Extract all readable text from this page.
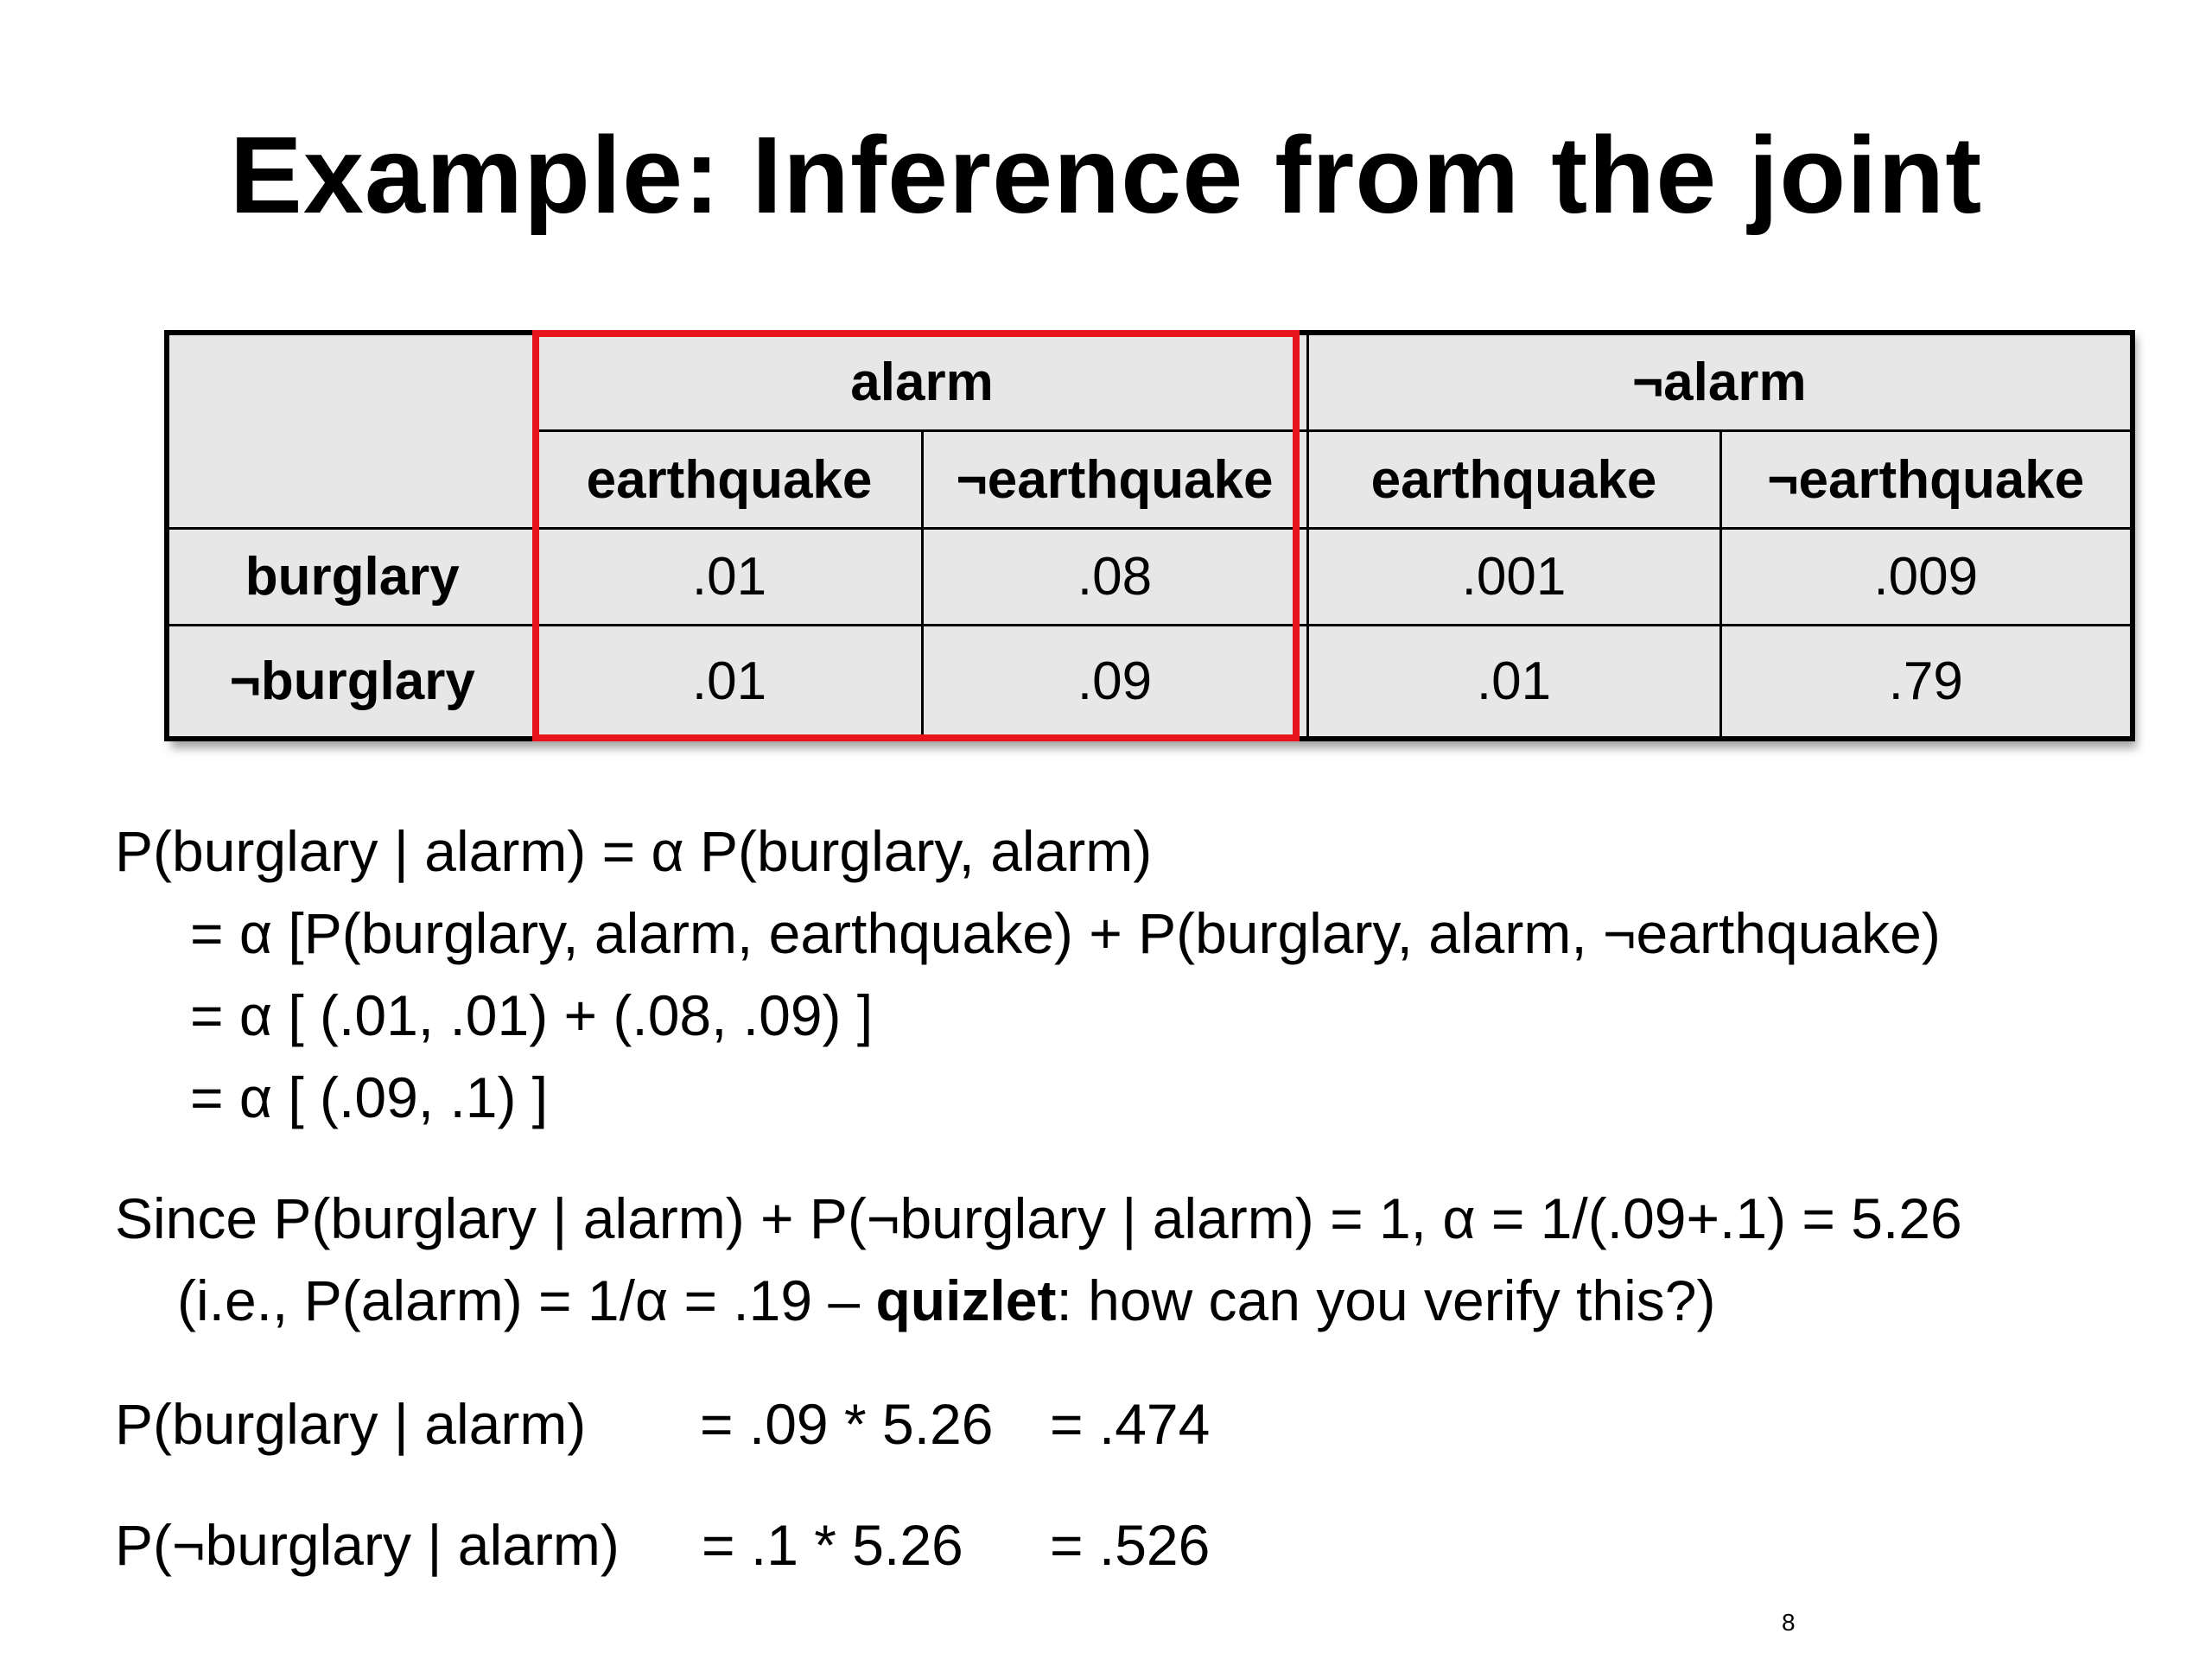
Example: Inference from the joint
	alarm		¬alarm	
	earthquake	¬earthquake	earthquake	¬earthquake
burglary	.01	.08	.001	.009
¬burglary	.01	.09	.01	.79
P(burglary | alarm) = α P(burglary, alarm)
= α [P(burglary, alarm, earthquake) + P(burglary, alarm, ¬earthquake)
= α [ (.01, .01) + (.08, .09) ]
= α [ (.09, .1) ]
Since P(burglary | alarm) + P(¬burglary | alarm) = 1, α = 1/(.09+.1) = 5.26
(i.e., P(alarm) = 1/α = .19 – quizlet: how can you verify this?)
P(burglary | alarm) = .09 * 5.26 = .474
P(¬burglary | alarm) = .1 * 5.26 = .526
8
